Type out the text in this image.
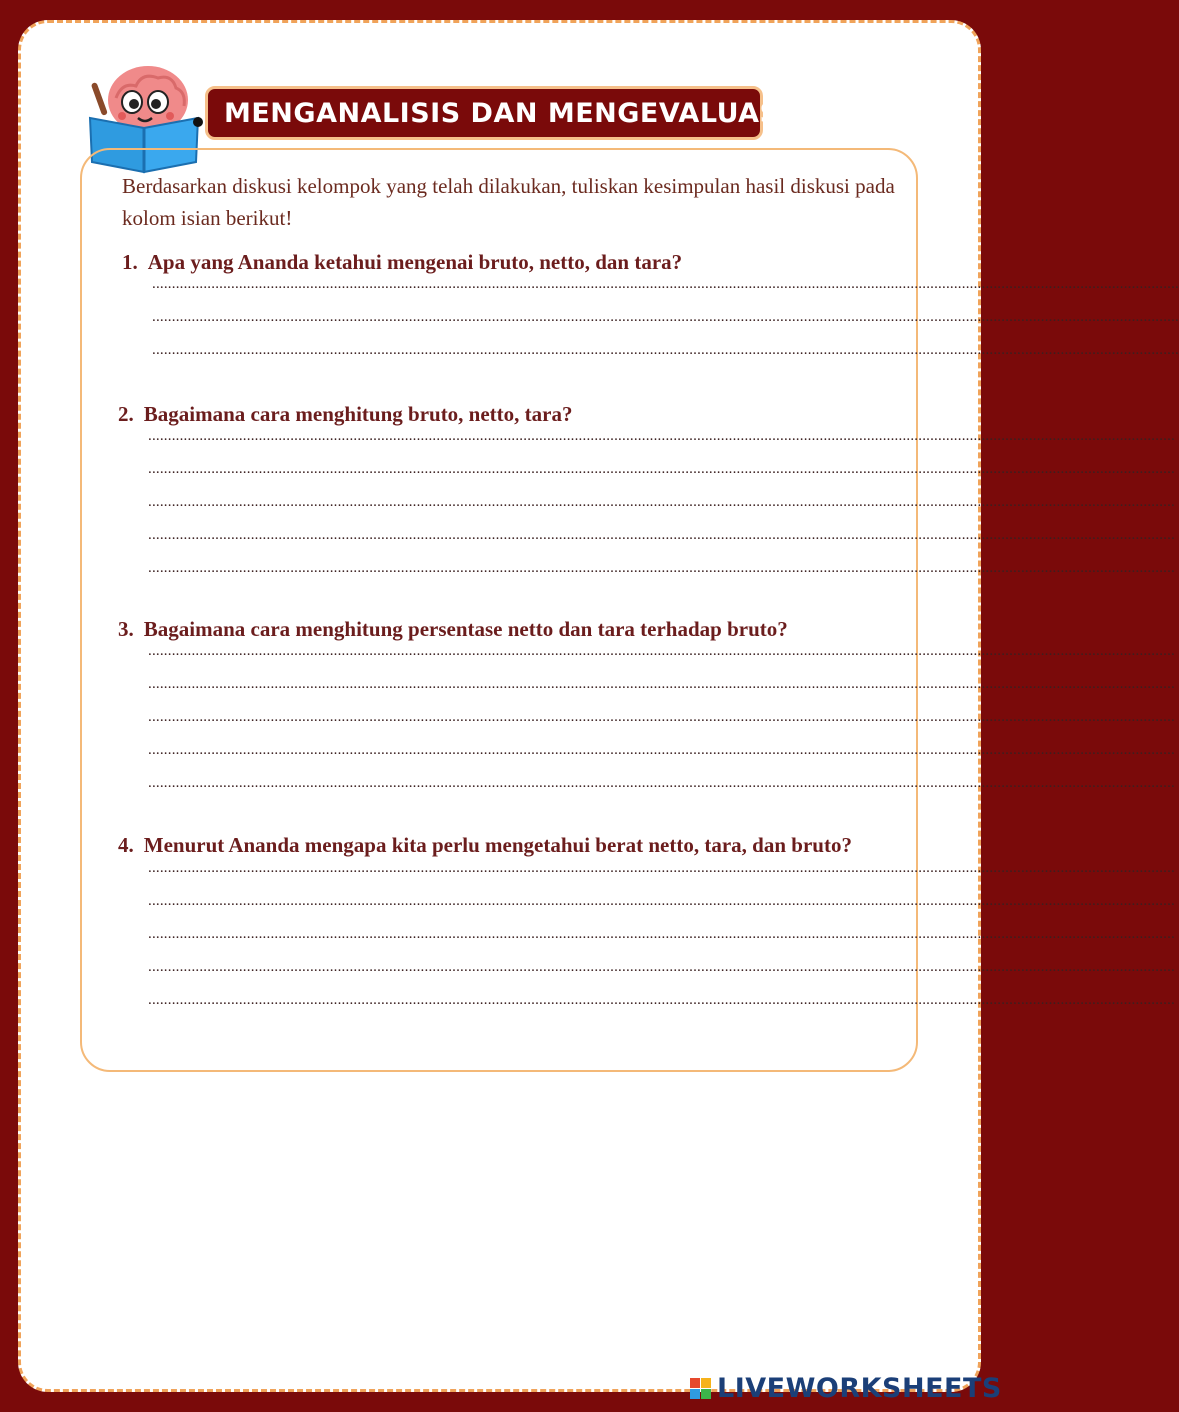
MENGANALISIS DAN MENGEVALUASI
Berdasarkan diskusi kelompok yang telah dilakukan, tuliskan kesimpulan hasil diskusi pada kolom isian berikut!
1. Apa yang Ananda ketahui mengenai bruto, netto, dan tara?
....................................................................................................................................................................................................................................................................
....................................................................................................................................................................................................................................................................
....................................................................................................................................................................................................................................................................
2. Bagaimana cara menghitung bruto, netto, tara?
....................................................................................................................................................................................................................................................................
....................................................................................................................................................................................................................................................................
....................................................................................................................................................................................................................................................................
....................................................................................................................................................................................................................................................................
....................................................................................................................................................................................................................................................................
3. Bagaimana cara menghitung persentase netto dan tara terhadap bruto?
....................................................................................................................................................................................................................................................................
....................................................................................................................................................................................................................................................................
....................................................................................................................................................................................................................................................................
....................................................................................................................................................................................................................................................................
....................................................................................................................................................................................................................................................................
4. Menurut Ananda mengapa kita perlu mengetahui berat netto, tara, dan bruto?
....................................................................................................................................................................................................................................................................
....................................................................................................................................................................................................................................................................
....................................................................................................................................................................................................................................................................
....................................................................................................................................................................................................................................................................
....................................................................................................................................................................................................................................................................
LIVEWORKSHEETS
